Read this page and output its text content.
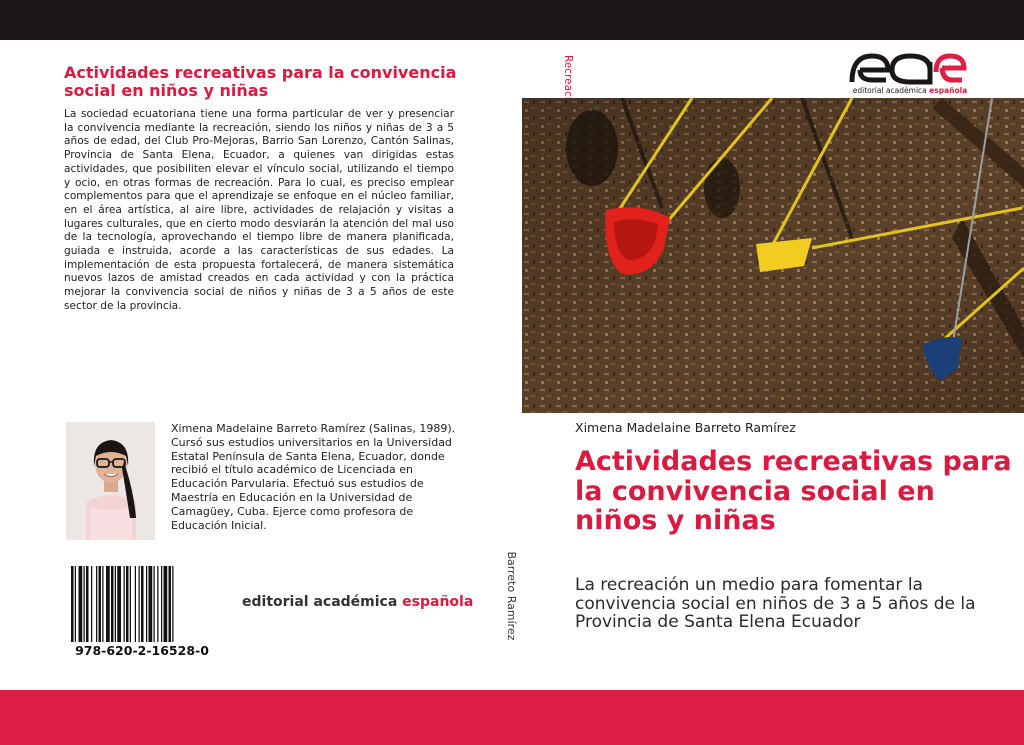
Actividades recreativas para la convivencia social en niños y niñas
La sociedad ecuatoriana tiene una forma particular de ver y presenciar la convivencia mediante la recreación, siendo los niños y niñas de 3 a 5 años de edad, del Club Pro-Mejoras, Barrio San Lorenzo, Cantón Salinas, Provincia de Santa Elena, Ecuador, a quienes van dirigidas estas actividades, que posibiliten elevar el vínculo social, utilizando el tiempo y ocio, en otras formas de recreación. Para lo cual, es preciso emplear complementos para que el aprendizaje se enfoque en el núcleo familiar, en el área artística, al aire libre, actividades de relajación y visitas a lugares culturales, que en cierto modo desviarán la atención del mal uso de la tecnología, aprovechando el tiempo libre de manera planificada, guiada e instruida, acorde a las características de sus edades. La implementación de esta propuesta fortalecerá, de manera sistemática nuevos lazos de amistad creados en cada actividad y con la práctica mejorar la convivencia social de niños y niñas de 3 a 5 años de este sector de la provincia.
Ximena Madelaine Barreto Ramírez (Salinas, 1989). Cursó sus estudios universitarios en la Universidad Estatal Península de Santa Elena, Ecuador, donde recibió el título académico de Licenciada en Educación Parvularia. Efectuó sus estudios de Maestría en Educación en la Universidad de Camagüey, Cuba. Ejerce como profesora de Educación Inicial.
978-620-2-16528-0
editorial académica española
Recreación
Barreto Ramírez
editorial académica española
Ximena Madelaine Barreto Ramírez
Actividades recreativas para la convivencia social en niños y niñas
La recreación un medio para fomentar la convivencia social en niños de 3 a 5 años de la Provincia de Santa Elena Ecuador
